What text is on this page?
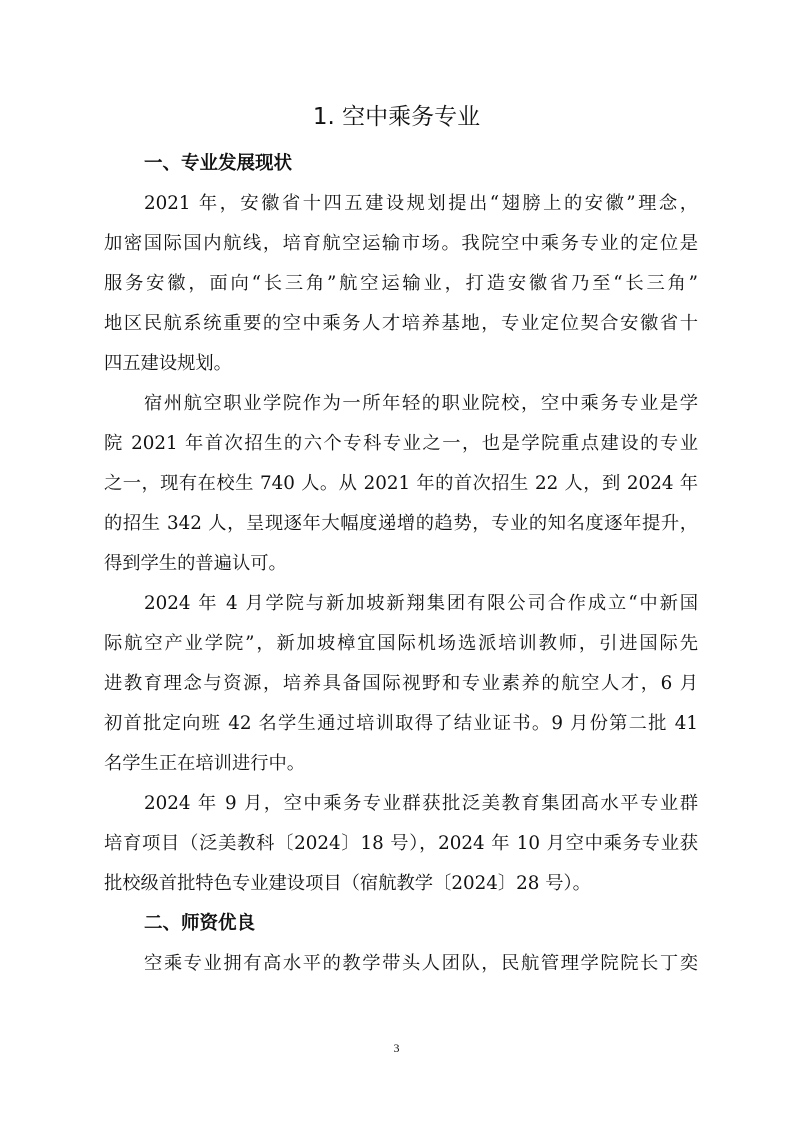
1. 空中乘务专业
一、专业发展现状

2021 年，安徽省十四五建设规划提出“翅膀上的安徽”理念，
加密国际国内航线，培育航空运输市场。我院空中乘务专业的定位是
服务安徽，面向“长三角”航空运输业，打造安徽省乃至“长三角”
地区民航系统重要的空中乘务人才培养基地，专业定位契合安徽省十
四五建设规划。

宿州航空职业学院作为一所年轻的职业院校，空中乘务专业是学
院 2021 年首次招生的六个专科专业之一，也是学院重点建设的专业
之一，现有在校生 740 人。从 2021 年的首次招生 22 人，到 2024 年
的招生 342 人，呈现逐年大幅度递增的趋势，专业的知名度逐年提升，
得到学生的普遍认可。

2024 年 4 月学院与新加坡新翔集团有限公司合作成立“中新国
际航空产业学院”，新加坡樟宜国际机场选派培训教师，引进国际先
进教育理念与资源，培养具备国际视野和专业素养的航空人才，6 月
初首批定向班 42 名学生通过培训取得了结业证书。9 月份第二批 41
名学生正在培训进行中。

2024 年 9 月，空中乘务专业群获批泛美教育集团高水平专业群
培育项目（泛美教科〔2024〕18 号），2024 年 10 月空中乘务专业获
批校级首批特色专业建设项目（宿航教学〔2024〕28 号）。

二、师资优良

空乘专业拥有高水平的教学带头人团队，民航管理学院院长丁奕

3
